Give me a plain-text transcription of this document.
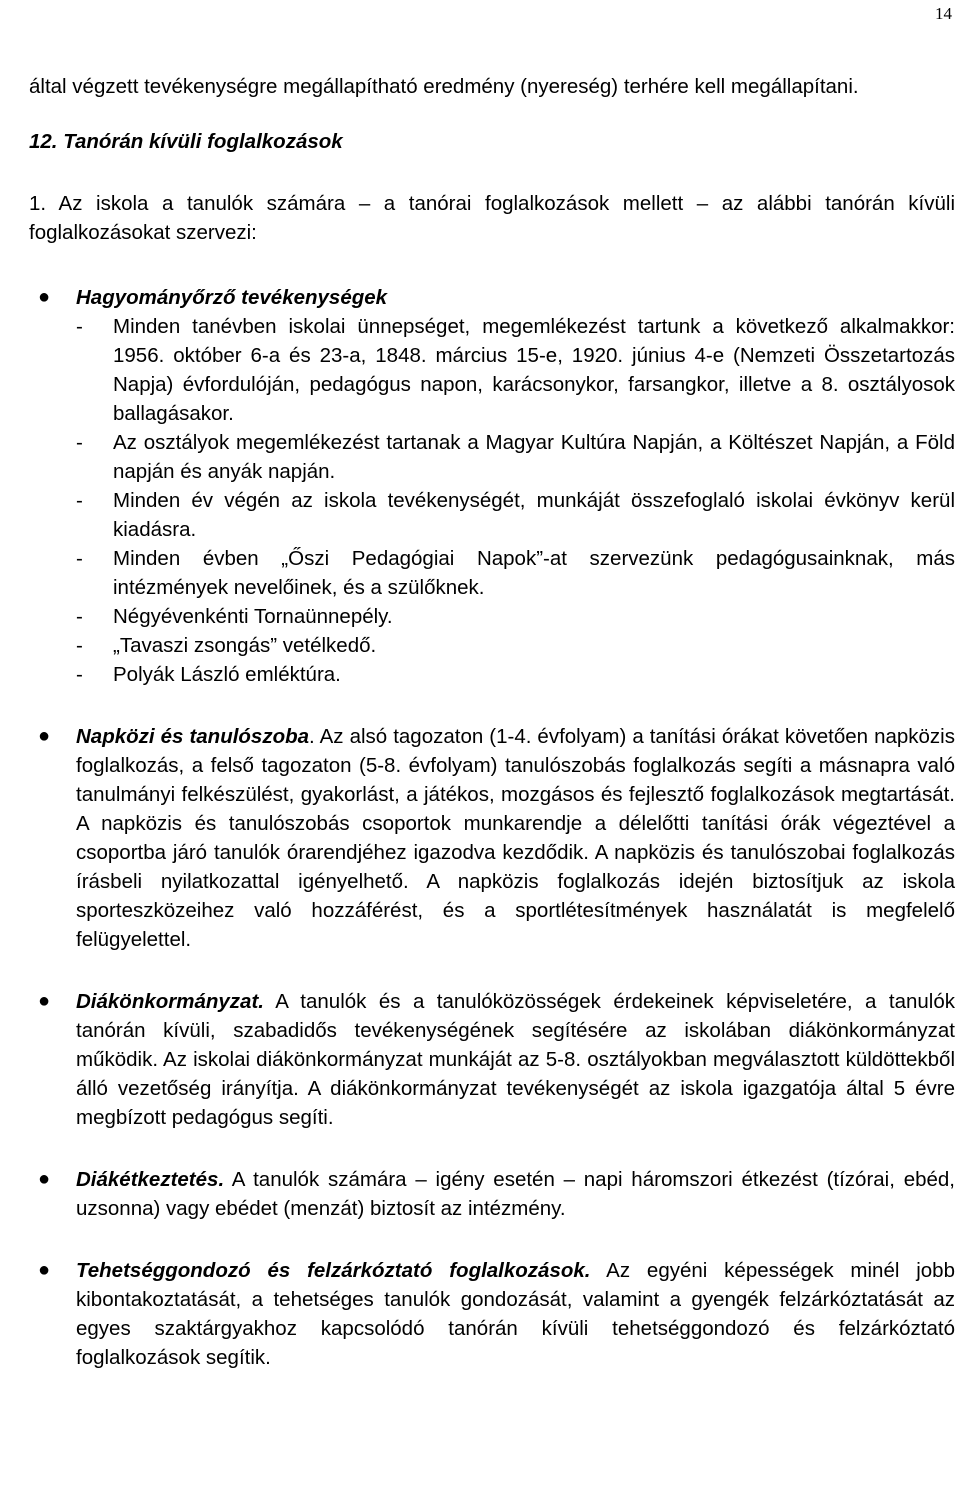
14

által végzett tevékenységre megállapítható eredmény (nyereség) terhére kell megállapítani.

12. Tanórán kívüli foglalkozások

1. Az iskola a tanulók számára – a tanórai foglalkozások mellett – az alábbi tanórán kívüli foglalkozásokat szervezi:

● Hagyományőrző tevékenységek
- Minden tanévben iskolai ünnepséget, megemlékezést tartunk a következő alkalmakkor: 1956. október 6-a és 23-a, 1848. március 15-e, 1920. június 4-e (Nemzeti Összetartozás Napja) évfordulóján, pedagógus napon, karácsonykor, farsangkor, illetve a 8. osztályosok ballagásakor.
- Az osztályok megemlékezést tartanak a Magyar Kultúra Napján, a Költészet Napján, a Föld napján és anyák napján.
- Minden év végén az iskola tevékenységét, munkáját összefoglaló iskolai évkönyv kerül kiadásra.
- Minden évben „Őszi Pedagógiai Napok”-at szervezünk pedagógusainknak, más intézmények nevelőinek, és a szülőknek.
- Négyévenkénti Tornaünnepély.
- „Tavaszi zsongás” vetélkedő.
- Polyák László emléktúra.
● Napközi és tanulószoba. Az alsó tagozaton (1-4. évfolyam) a tanítási órákat követően napközis foglalkozás, a felső tagozaton (5-8. évfolyam) tanulószobás foglalkozás segíti a másnapra való tanulmányi felkészülést, gyakorlást, a játékos, mozgásos és fejlesztő foglalkozások megtartását. A napközis és tanulószobás csoportok munkarendje a délelőtti tanítási órák végeztével a csoportba járó tanulók órarendjéhez igazodva kezdődik. A napközis és tanulószobai foglalkozás írásbeli nyilatkozattal igényelhető. A napközis foglalkozás idején biztosítjuk az iskola sporteszközeihez való hozzáférést, és a sportlétesítmények használatát is megfelelő felügyelettel.
● Diákönkormányzat. A tanulók és a tanulóközösségek érdekeinek képviseletére, a tanulók tanórán kívüli, szabadidős tevékenységének segítésére az iskolában diákönkormányzat működik. Az iskolai diákönkormányzat munkáját az 5-8. osztályokban megválasztott küldöttekből álló vezetőség irányítja. A diákönkormányzat tevékenységét az iskola igazgatója által 5 évre megbízott pedagógus segíti.
● Diákétkeztetés. A tanulók számára – igény esetén – napi háromszori étkezést (tízórai, ebéd, uzsonna) vagy ebédet (menzát) biztosít az intézmény.
● Tehetséggondozó és felzárkóztató foglalkozások. Az egyéni képességek minél jobb kibontakoztatását, a tehetséges tanulók gondozását, valamint a gyengék felzárkóztatását az egyes szaktárgyakhoz kapcsolódó tanórán kívüli tehetséggondozó és felzárkóztató foglalkozások segítik.
